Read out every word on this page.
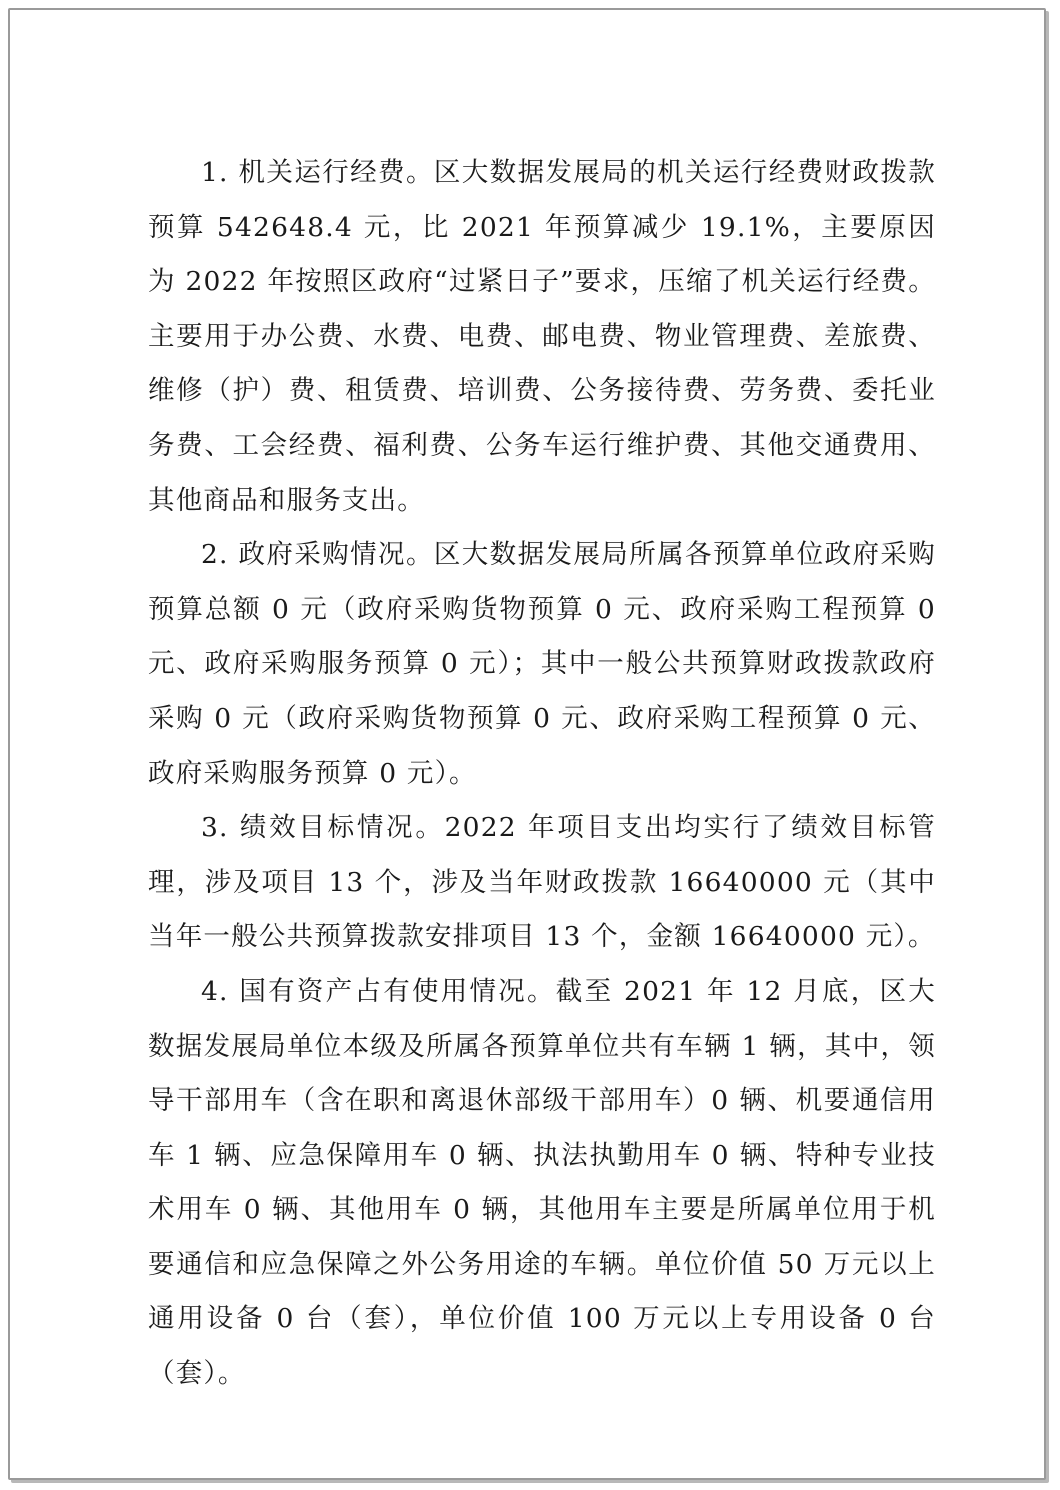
1. 机关运行经费。区大数据发展局的机关运行经费财政拨款预算 542648.4 元，比 2021 年预算减少 19.1%，主要原因为 2022 年按照区政府“过紧日子”要求，压缩了机关运行经费。主要用于办公费、水费、电费、邮电费、物业管理费、差旅费、维修（护）费、租赁费、培训费、公务接待费、劳务费、委托业务费、工会经费、福利费、公务车运行维护费、其他交通费用、其他商品和服务支出。

2. 政府采购情况。区大数据发展局所属各预算单位政府采购预算总额 0 元（政府采购货物预算 0 元、政府采购工程预算 0 元、政府采购服务预算 0 元）；其中一般公共预算财政拨款政府采购 0 元（政府采购货物预算 0 元、政府采购工程预算 0 元、政府采购服务预算 0 元）。

3. 绩效目标情况。2022 年项目支出均实行了绩效目标管理，涉及项目 13 个，涉及当年财政拨款 16640000 元（其中当年一般公共预算拨款安排项目 13 个，金额 16640000 元）。

4. 国有资产占有使用情况。截至 2021 年 12 月底，区大数据发展局单位本级及所属各预算单位共有车辆 1 辆，其中，领导干部用车（含在职和离退休部级干部用车）0 辆、机要通信用车 1 辆、应急保障用车 0 辆、执法执勤用车 0 辆、特种专业技术用车 0 辆、其他用车 0 辆，其他用车主要是所属单位用于机要通信和应急保障之外公务用途的车辆。单位价值 50 万元以上通用设备 0 台（套），单位价值 100 万元以上专用设备 0 台（套）。
